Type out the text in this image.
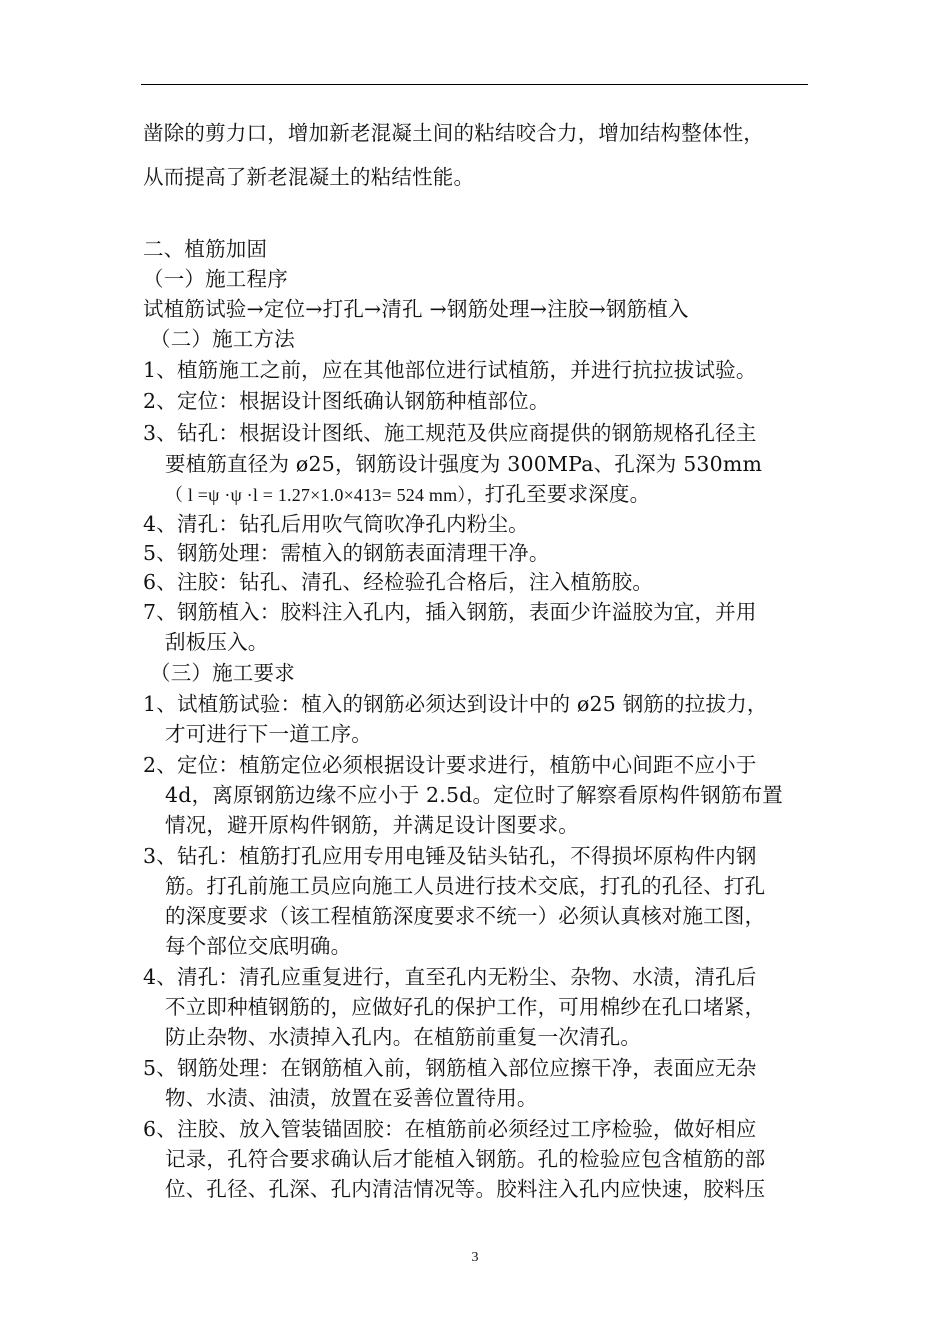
凿除的剪力口，增加新老混凝土间的粘结咬合力，增加结构整体性，
从而提高了新老混凝土的粘结性能。
二、植筋加固
（一）施工程序
试植筋试验→定位→打孔→清孔 →钢筋处理→注胶→钢筋植入
（二）施工方法
1、植筋施工之前，应在其他部位进行试植筋，并进行抗拉拔试验。
2、定位：根据设计图纸确认钢筋种植部位。
3、钻孔：根据设计图纸、施工规范及供应商提供的钢筋规格孔径主
要植筋直径为 ø25，钢筋设计强度为 300MPa、孔深为 530mm
（ l =ψ ·ψ ·l = 1.27×1.0×413= 524 mm），打孔至要求深度。
4、清孔：钻孔后用吹气筒吹净孔内粉尘。
5、钢筋处理：需植入的钢筋表面清理干净。
6、注胶：钻孔、清孔、经检验孔合格后，注入植筋胶。
7、钢筋植入：胶料注入孔内，插入钢筋，表面少许溢胶为宜，并用
刮板压入。
（三）施工要求
1、试植筋试验：植入的钢筋必须达到设计中的 ø25 钢筋的拉拔力，
才可进行下一道工序。
2、定位：植筋定位必须根据设计要求进行，植筋中心间距不应小于
4d，离原钢筋边缘不应小于 2.5d。定位时了解察看原构件钢筋布置
情况，避开原构件钢筋，并满足设计图要求。
3、钻孔：植筋打孔应用专用电锤及钻头钻孔，不得损坏原构件内钢
筋。打孔前施工员应向施工人员进行技术交底，打孔的孔径、打孔
的深度要求（该工程植筋深度要求不统一）必须认真核对施工图，
每个部位交底明确。
4、清孔：清孔应重复进行，直至孔内无粉尘、杂物、水渍，清孔后
不立即种植钢筋的，应做好孔的保护工作，可用棉纱在孔口堵紧，
防止杂物、水渍掉入孔内。在植筋前重复一次清孔。
5、钢筋处理：在钢筋植入前，钢筋植入部位应擦干净，表面应无杂
物、水渍、油渍，放置在妥善位置待用。
6、注胶、放入管装锚固胶：在植筋前必须经过工序检验，做好相应
记录，孔符合要求确认后才能植入钢筋。孔的检验应包含植筋的部
位、孔径、孔深、孔内清洁情况等。胶料注入孔内应快速，胶料压
3
